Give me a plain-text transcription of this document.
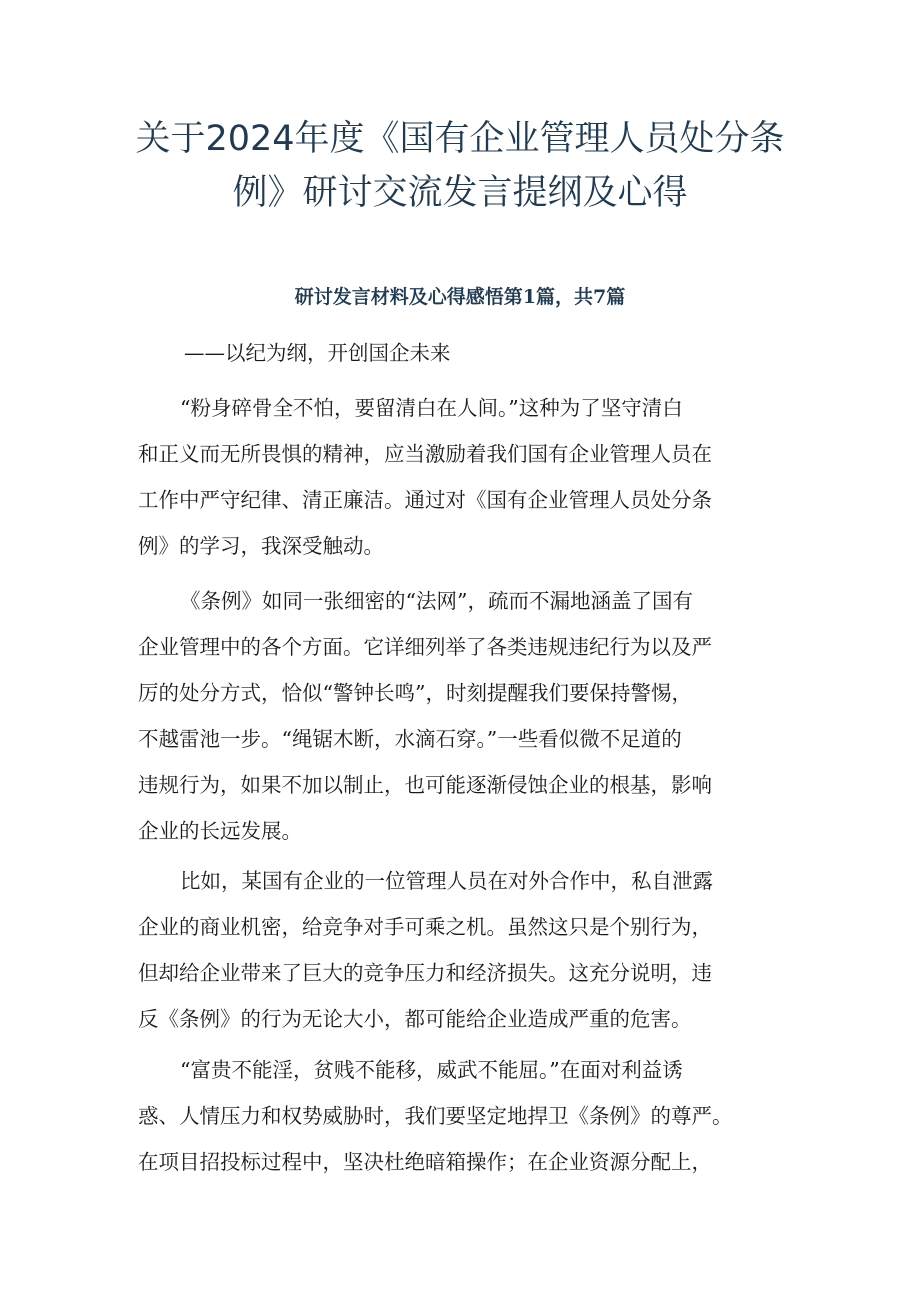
关于2024年度《国有企业管理人员处分条
例》研讨交流发言提纲及心得
研讨发言材料及心得感悟第1篇，共7篇
——以纪为纲，开创国企未来
“粉身碎骨全不怕，要留清白在人间。”这种为了坚守清白
和正义而无所畏惧的精神，应当激励着我们国有企业管理人员在
工作中严守纪律、清正廉洁。通过对《国有企业管理人员处分条
例》的学习，我深受触动。
《条例》如同一张细密的“法网”，疏而不漏地涵盖了国有
企业管理中的各个方面。它详细列举了各类违规违纪行为以及严
厉的处分方式，恰似“警钟长鸣”，时刻提醒我们要保持警惕，
不越雷池一步。“绳锯木断，水滴石穿。”一些看似微不足道的
违规行为，如果不加以制止，也可能逐渐侵蚀企业的根基，影响
企业的长远发展。
比如，某国有企业的一位管理人员在对外合作中，私自泄露
企业的商业机密，给竞争对手可乘之机。虽然这只是个别行为，
但却给企业带来了巨大的竞争压力和经济损失。这充分说明，违
反《条例》的行为无论大小，都可能给企业造成严重的危害。
“富贵不能淫，贫贱不能移，威武不能屈。”在面对利益诱
惑、人情压力和权势威胁时，我们要坚定地捍卫《条例》的尊严。
在项目招投标过程中，坚决杜绝暗箱操作；在企业资源分配上，
